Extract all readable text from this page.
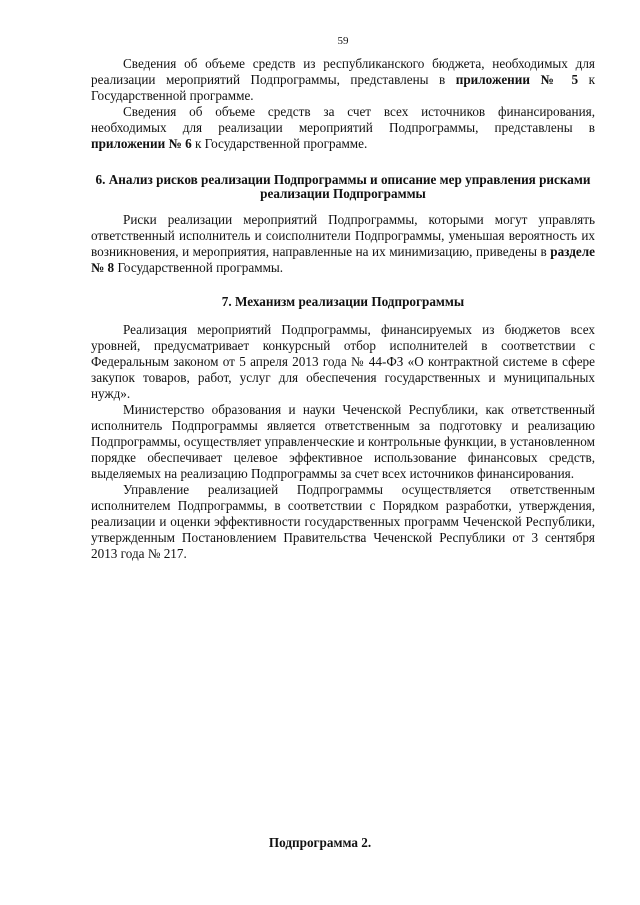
59

Сведения об объеме средств из республиканского бюджета, необходимых для реализации мероприятий Подпрограммы, представлены в приложении № 5 к Государственной программе.

Сведения об объеме средств за счет всех источников финансирования, необходимых для реализации мероприятий Подпрограммы, представлены в приложении № 6 к Государственной программе.

6. Анализ рисков реализации Подпрограммы и описание мер управления рисками реализации Подпрограммы

Риски реализации мероприятий Подпрограммы, которыми могут управлять ответственный исполнитель и соисполнители Подпрограммы, уменьшая вероятность их возникновения, и мероприятия, направленные на их минимизацию, приведены в разделе № 8 Государственной программы.

7. Механизм реализации Подпрограммы

Реализация мероприятий Подпрограммы, финансируемых из бюджетов всех уровней, предусматривает конкурсный отбор исполнителей в соответствии с Федеральным законом от 5 апреля 2013 года № 44-ФЗ «О контрактной системе в сфере закупок товаров, работ, услуг для обеспечения государственных и муниципальных нужд».

Министерство образования и науки Чеченской Республики, как ответственный исполнитель Подпрограммы является ответственным за подготовку и реализацию Подпрограммы, осуществляет управленческие и контрольные функции, в установленном порядке обеспечивает целевое эффективное использование финансовых средств, выделяемых на реализацию Подпрограммы за счет всех источников финансирования.

Управление реализацией Подпрограммы осуществляется ответственным исполнителем Подпрограммы, в соответствии с Порядком разработки, утверждения, реализации и оценки эффективности государственных программ Чеченской Республики, утвержденным Постановлением Правительства Чеченской Республики от 3 сентября 2013 года № 217.

Подпрограмма 2.
